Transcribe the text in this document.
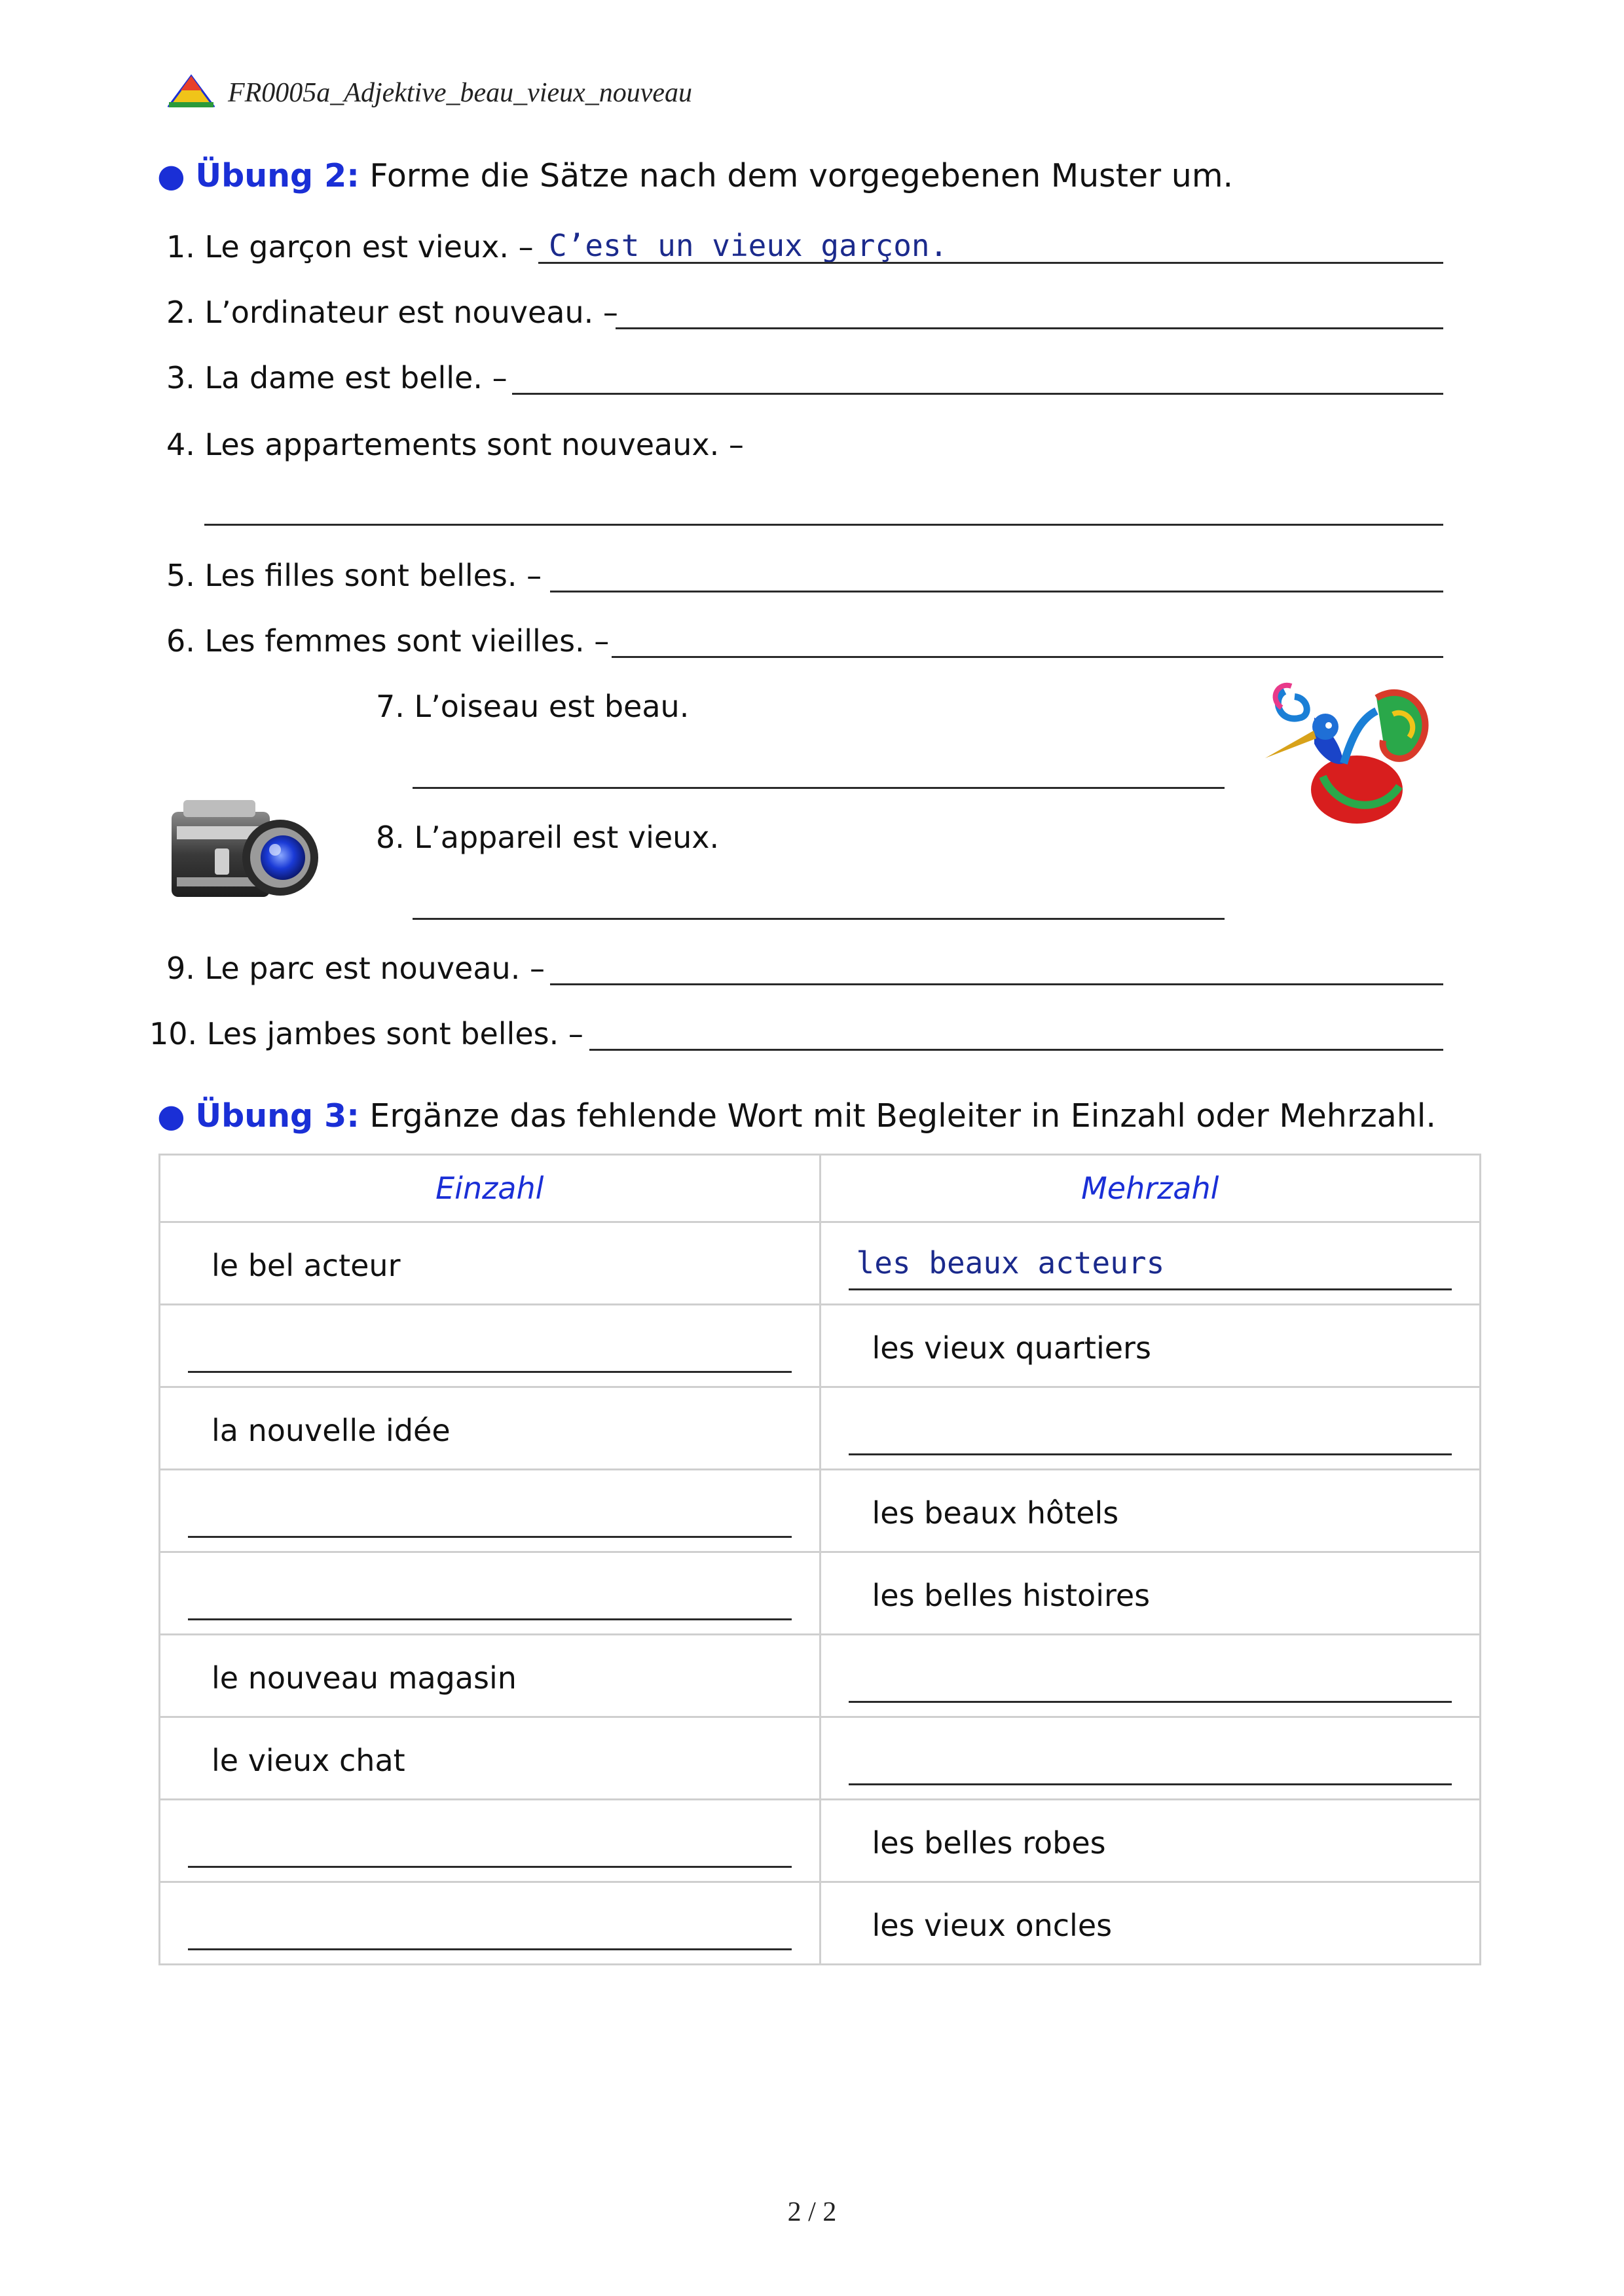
FR0005a_Adjektive_beau_vieux_nouveau
● Übung 2: Forme die Sätze nach dem vorgegebenen Muster um.
1. Le garçon est vieux. – C’est un vieux garçon.
2. L’ordinateur est nouveau. –
3. La dame est belle. –
4. Les appartements sont nouveaux. –
5. Les filles sont belles. –
6. Les femmes sont vieilles. –
7. L’oiseau est beau.
8. L’appareil est vieux.
9. Le parc est nouveau. –
10. Les jambes sont belles. –
● Übung 3: Ergänze das fehlende Wort mit Begleiter in Einzahl oder Mehrzahl.
Einzahl	Mehrzahl

le bel acteur	les beaux acteurs

	les vieux quartiers

la nouvelle idée	

	les beaux hôtels

	les belles histoires

le nouveau magasin	

le vieux chat	

	les belles robes

	les vieux oncles
2 / 2
